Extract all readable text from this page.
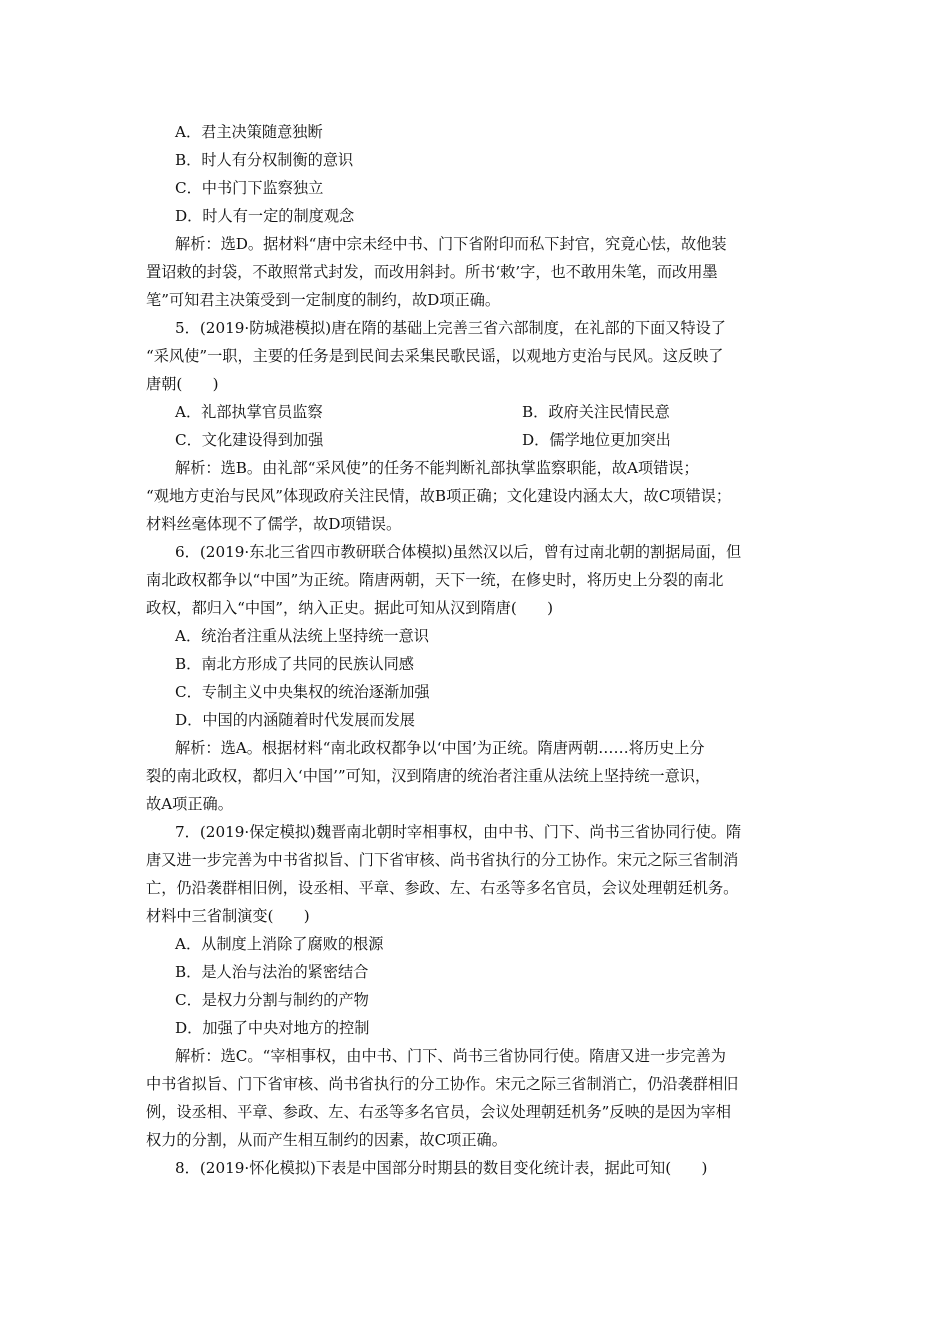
A．君主决策随意独断
B．时人有分权制衡的意识
C．中书门下监察独立
D．时人有一定的制度观念
解析：选D。据材料“唐中宗未经中书、门下省附印而私下封官，究竟心怯，故他装
置诏敕的封袋，不敢照常式封发，而改用斜封。所书‘敕’字，也不敢用朱笔，而改用墨
笔”可知君主决策受到一定制度的制约，故D项正确。
5．(2019·防城港模拟)唐在隋的基础上完善三省六部制度，在礼部的下面又特设了
“采风使”一职，主要的任务是到民间去采集民歌民谣，以观地方吏治与民风。这反映了
唐朝(　　)
A．礼部执掌官员监察	B．政府关注民情民意
C．文化建设得到加强	D．儒学地位更加突出
解析：选B。由礼部“采风使”的任务不能判断礼部执掌监察职能，故A项错误；
“观地方吏治与民风”体现政府关注民情，故B项正确；文化建设内涵太大，故C项错误；
材料丝毫体现不了儒学，故D项错误。
6．(2019·东北三省四市教研联合体模拟)虽然汉以后，曾有过南北朝的割据局面，但
南北政权都争以“中国”为正统。隋唐两朝，天下一统，在修史时，将历史上分裂的南北
政权，都归入“中国”，纳入正史。据此可知从汉到隋唐(　　)
A．统治者注重从法统上坚持统一意识
B．南北方形成了共同的民族认同感
C．专制主义中央集权的统治逐渐加强
D．中国的内涵随着时代发展而发展
解析：选A。根据材料“南北政权都争以‘中国’为正统。隋唐两朝……将历史上分
裂的南北政权，都归入‘中国’”可知，汉到隋唐的统治者注重从法统上坚持统一意识，
故A项正确。
7．(2019·保定模拟)魏晋南北朝时宰相事权，由中书、门下、尚书三省协同行使。隋
唐又进一步完善为中书省拟旨、门下省审核、尚书省执行的分工协作。宋元之际三省制消
亡，仍沿袭群相旧例，设丞相、平章、参政、左、右丞等多名官员，会议处理朝廷机务。
材料中三省制演变(　　)
A．从制度上消除了腐败的根源
B．是人治与法治的紧密结合
C．是权力分割与制约的产物
D．加强了中央对地方的控制
解析：选C。“宰相事权，由中书、门下、尚书三省协同行使。隋唐又进一步完善为
中书省拟旨、门下省审核、尚书省执行的分工协作。宋元之际三省制消亡，仍沿袭群相旧
例，设丞相、平章、参政、左、右丞等多名官员，会议处理朝廷机务”反映的是因为宰相
权力的分割，从而产生相互制约的因素，故C项正确。
8．(2019·怀化模拟)下表是中国部分时期县的数目变化统计表，据此可知(　　)
